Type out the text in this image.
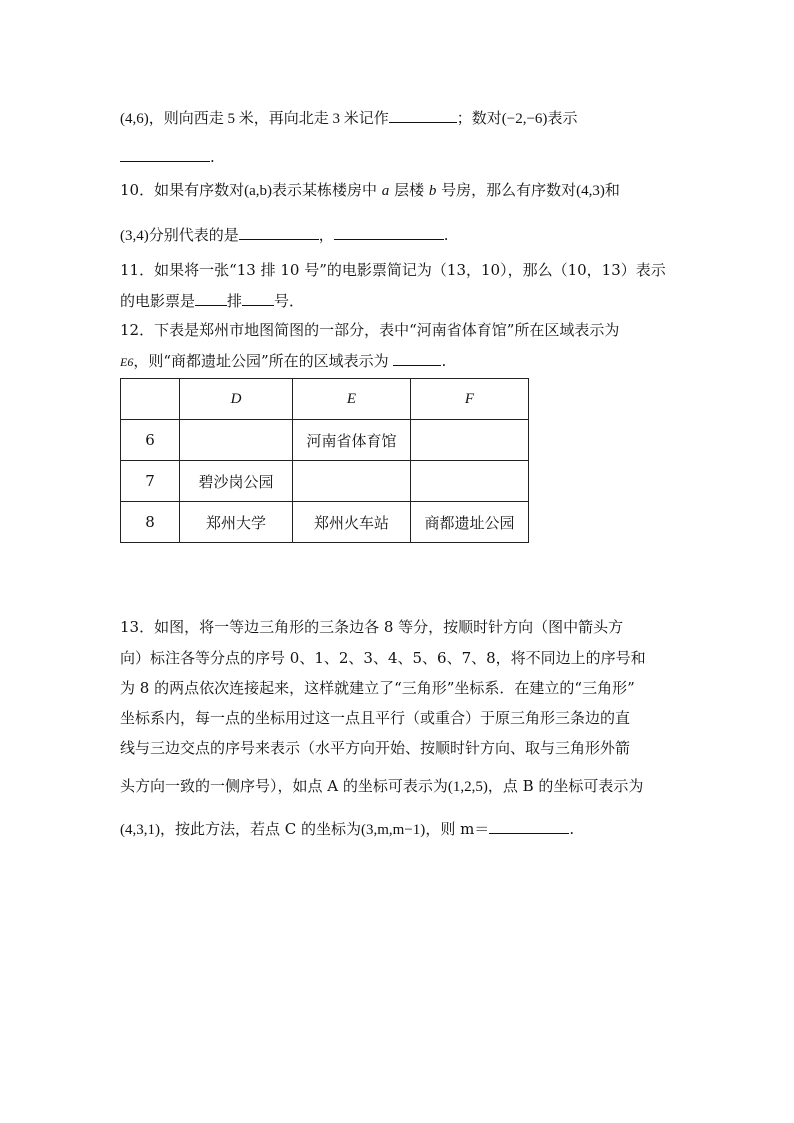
(4,6)，则向西走 5 米，再向北走 3 米记作	；数对(−2,−6)表示
.
10．如果有序数对(a,b)表示某栋楼房中 a 层楼 b 号房，那么有序数对(4,3)和
(3,4)分别代表的是	，	.
11．如果将一张“13 排 10 号”的电影票简记为（13，10），那么（10，13）表示
的电影票是 排 号．
12．下表是郑州市地图简图的一部分，表中“河南省体育馆”所在区域表示为
E6，则“商都遗址公园”所在的区域表示为	.
	D	E	F
6		河南省体育馆	
7	碧沙岗公园		
8	郑州大学	郑州火车站	商都遗址公园
13．如图，将一等边三角形的三条边各 8 等分，按顺时针方向（图中箭头方
向）标注各等分点的序号 0、1、2、3、4、5、6、7、8，将不同边上的序号和
为 8 的两点依次连接起来，这样就建立了“三角形”坐标系．在建立的“三角形”
坐标系内，每一点的坐标用过这一点且平行（或重合）于原三角形三条边的直
线与三边交点的序号来表示（水平方向开始、按顺时针方向、取与三角形外箭
头方向一致的一侧序号），如点 A 的坐标可表示为(1,2,5)，点 B 的坐标可表示为
(4,3,1)，按此方法，若点 C 的坐标为(3,m,m−1)，则 m＝	.
